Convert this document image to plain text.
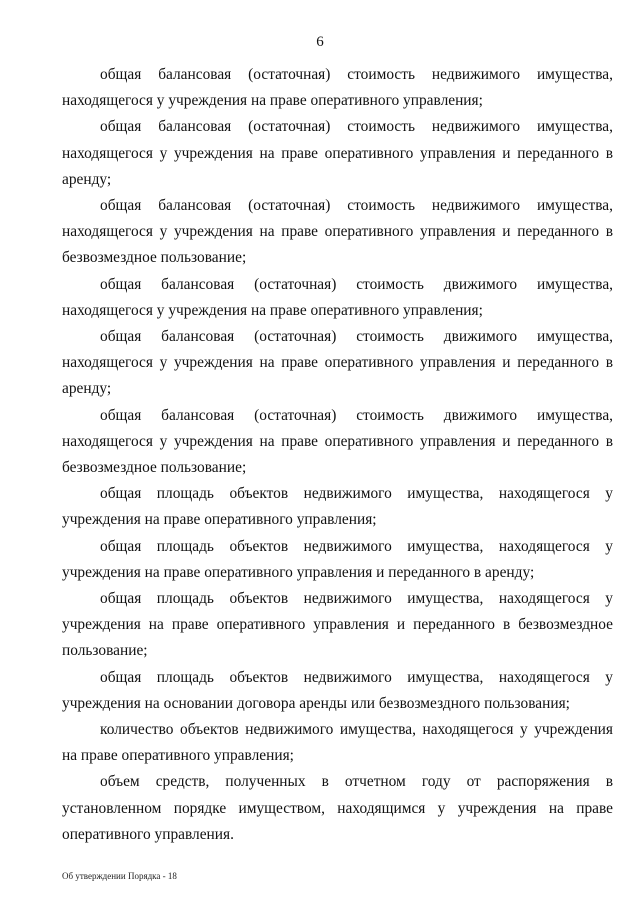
6

общая балансовая (остаточная) стоимость недвижимого имущества, находящегося у учреждения на праве оперативного управления;

общая балансовая (остаточная) стоимость недвижимого имущества, находящегося у учреждения на праве оперативного управления и переданного в аренду;

общая балансовая (остаточная) стоимость недвижимого имущества, находящегося у учреждения на праве оперативного управления и переданного в безвозмездное пользование;

общая балансовая (остаточная) стоимость движимого имущества, находящегося у учреждения на праве оперативного управления;

общая балансовая (остаточная) стоимость движимого имущества, находящегося у учреждения на праве оперативного управления и переданного в аренду;

общая балансовая (остаточная) стоимость движимого имущества, находящегося у учреждения на праве оперативного управления и переданного в безвозмездное пользование;

общая площадь объектов недвижимого имущества, находящегося у учреждения на праве оперативного управления;

общая площадь объектов недвижимого имущества, находящегося у учреждения на праве оперативного управления и переданного в аренду;

общая площадь объектов недвижимого имущества, находящегося у учреждения на праве оперативного управления и переданного в безвозмездное пользование;

общая площадь объектов недвижимого имущества, находящегося у учреждения на основании договора аренды или безвозмездного пользования;

количество объектов недвижимого имущества, находящегося у учреждения на праве оперативного управления;

объем средств, полученных в отчетном году от распоряжения в установленном порядке имуществом, находящимся у учреждения на праве оперативного управления.

Об утверждении Порядка - 18
